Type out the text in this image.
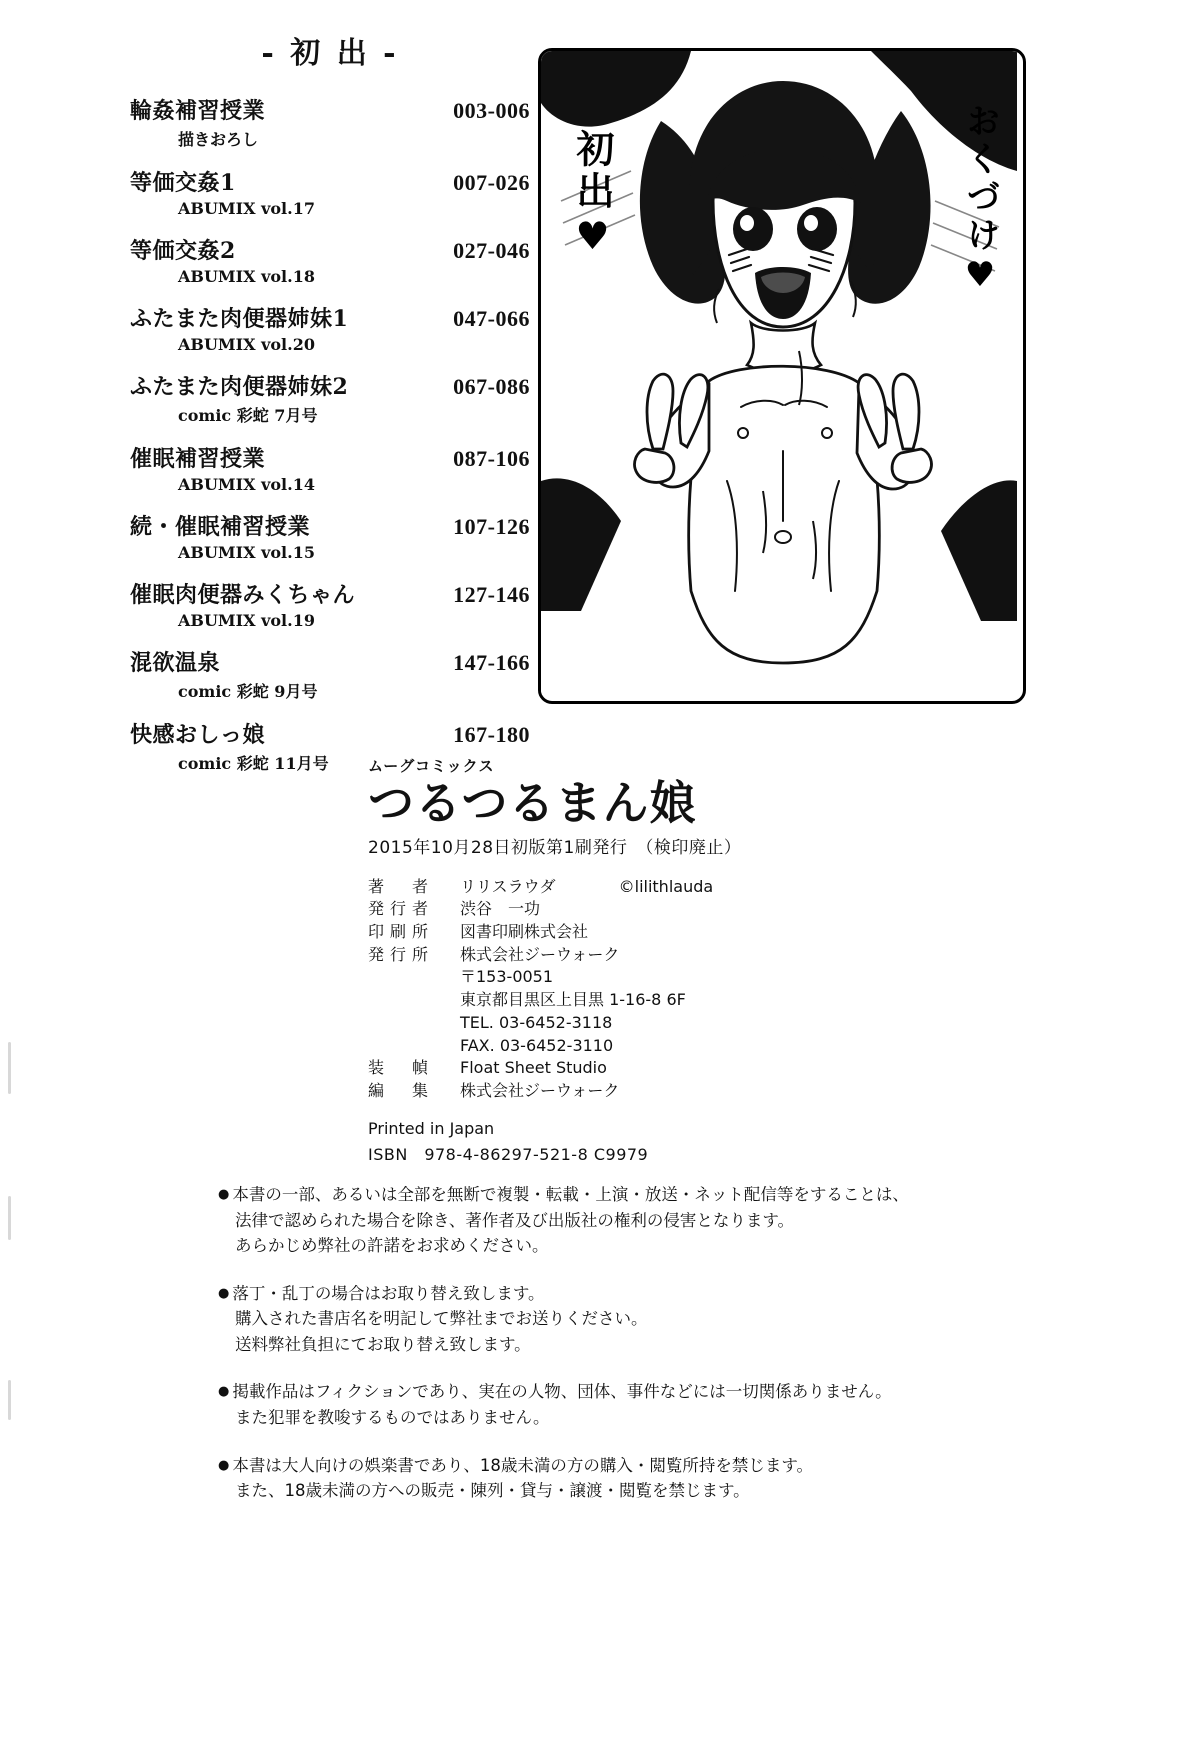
- 初 出 -
輪姦補習授業	003-006
描きおろし
等価交姦1	007-026
ABUMIX vol.17
等価交姦2	027-046
ABUMIX vol.18
ふたまた肉便器姉妹1	047-066
ABUMIX vol.20
ふたまた肉便器姉妹2	067-086
comic 彩蛇 7月号
催眠補習授業	087-106
ABUMIX vol.14
続・催眠補習授業	107-126
ABUMIX vol.15
催眠肉便器みくちゃん	127-146
ABUMIX vol.19
混欲温泉	147-166
comic 彩蛇 9月号
快感おしっ娘	167-180
comic 彩蛇 11月号
初出♥	おくづけ♥
ムーグコミックス
つるつるまん娘
2015年10月28日初版第1刷発行　（検印廃止）
著　者	リリスラウダ	©lilithlauda
発行者	渋谷　一功
印刷所	図書印刷株式会社
発行所	株式会社ジーウォーク
〒153-0051
東京都目黒区上目黒 1-16-8 6F
TEL. 03-6452-3118
FAX. 03-6452-3110
装　幀	Float Sheet Studio
編　集	株式会社ジーウォーク
Printed in Japan
ISBN　978-4-86297-521-8 C9979
● 本書の一部、あるいは全部を無断で複製・転載・上演・放送・ネット配信等をすることは、
法律で認められた場合を除き、著作者及び出版社の権利の侵害となります。
あらかじめ弊社の許諾をお求めください。
● 落丁・乱丁の場合はお取り替え致します。
購入された書店名を明記して弊社までお送りください。
送料弊社負担にてお取り替え致します。
● 掲載作品はフィクションであり、実在の人物、団体、事件などには一切関係ありません。
また犯罪を教唆するものではありません。
● 本書は大人向けの娯楽書であり、18歳未満の方の購入・閲覧所持を禁じます。
また、18歳未満の方への販売・陳列・貸与・譲渡・閲覧を禁じます。
